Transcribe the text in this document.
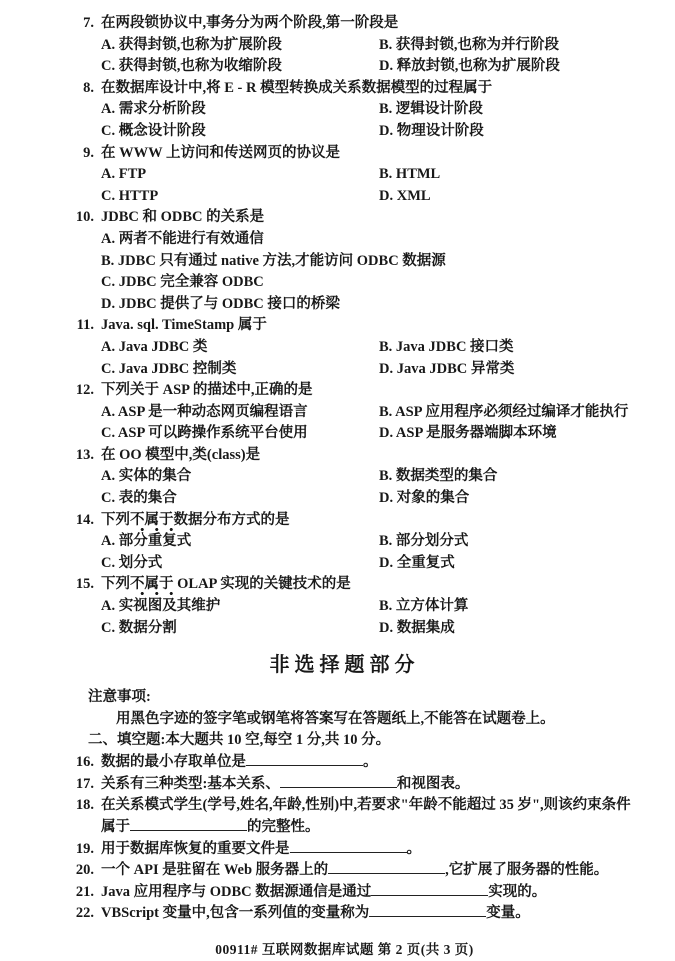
7. 在两段锁协议中,事务分为两个阶段,第一阶段是
A. 获得封锁,也称为扩展阶段	B. 获得封锁,也称为并行阶段
C. 获得封锁,也称为收缩阶段	D. 释放封锁,也称为扩展阶段
8. 在数据库设计中,将 E - R 模型转换成关系数据模型的过程属于
A. 需求分析阶段	B. 逻辑设计阶段
C. 概念设计阶段	D. 物理设计阶段
9. 在 WWW 上访问和传送网页的协议是
A. FTP	B. HTML
C. HTTP	D. XML
10. JDBC 和 ODBC 的关系是
A. 两者不能进行有效通信
B. JDBC 只有通过 native 方法,才能访问 ODBC 数据源
C. JDBC 完全兼容 ODBC
D. JDBC 提供了与 ODBC 接口的桥梁
11. Java. sql. TimeStamp 属于
A. Java JDBC 类	B. Java JDBC 接口类
C. Java JDBC 控制类	D. Java JDBC 异常类
12. 下列关于 ASP 的描述中,正确的是
A. ASP 是一种动态网页编程语言	B. ASP 应用程序必须经过编译才能执行
C. ASP 可以跨操作系统平台使用	D. ASP 是服务器端脚本环境
13. 在 OO 模型中,类(class)是
A. 实体的集合	B. 数据类型的集合
C. 表的集合	D. 对象的集合
14. 下列不属于数据分布方式的是
A. 部分重复式	B. 部分划分式
C. 划分式	D. 全重复式
15. 下列不属于 OLAP 实现的关键技术的是
A. 实视图及其维护	B. 立方体计算
C. 数据分割	D. 数据集成
非选择题部分
注意事项:
用黑色字迹的签字笔或钢笔将答案写在答题纸上,不能答在试题卷上。
二、填空题:本大题共 10 空,每空 1 分,共 10 分。
16. 数据的最小存取单位是	。
17. 关系有三种类型:基本关系、	和视图表。
18. 在关系模式学生(学号,姓名,年龄,性别)中,若要求"年龄不能超过 35 岁",则该约束条件属于	的完整性。
19. 用于数据库恢复的重要文件是	。
20. 一个 API 是驻留在 Web 服务器上的	,它扩展了服务器的性能。
21. Java 应用程序与 ODBC 数据源通信是通过	实现的。
22. VBScript 变量中,包含一系列值的变量称为	变量。
00911# 互联网数据库试题 第 2 页(共 3 页)
